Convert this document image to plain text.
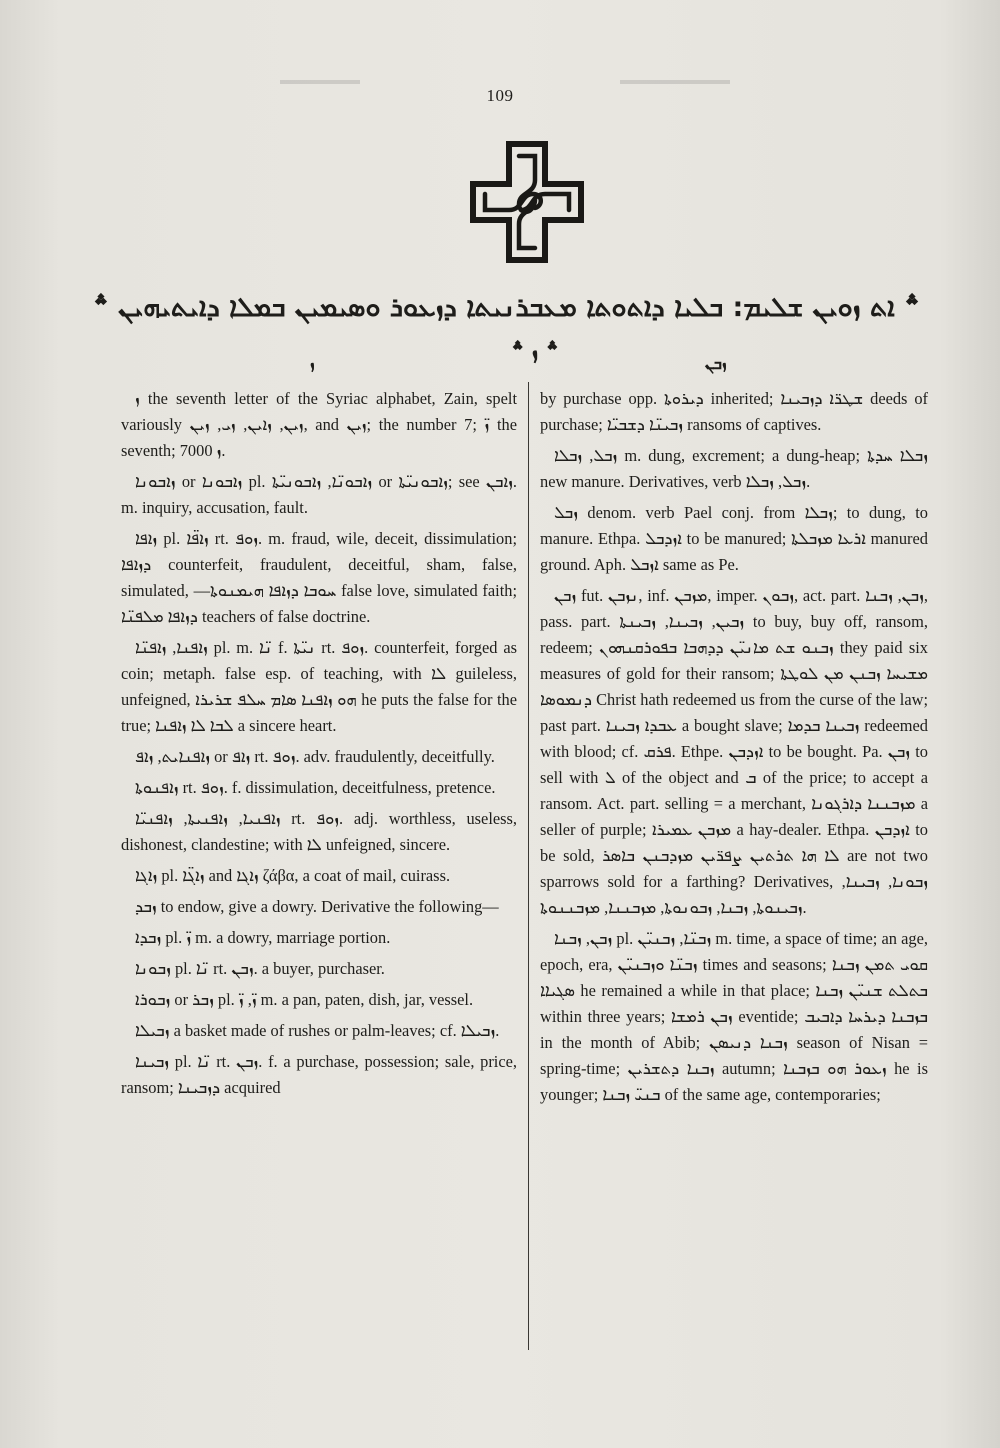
109
؞ ܐܬ ܙܘܝܢ ܫܠܝܡ: ܒܠܝܐ ܕܐܬܘܬܐ ܡܥܒܪܢܝܬܐ ܕܙܥܘܪ ܘܣܝܡܝܢ ܒܡܠܐ ܕܐܝܬܝܗܝܢ ؞
؞ ܙ ؞
ܙ	ܙܒܢ

ܙ the seventh letter of the Syriac alphabet, Zain, spelt variously ܙܝܢ, ܙܐܝܢ, ܙܝ, ܙܝܢ, and ܙܝܢ; the number 7; ܙ̈ the seventh; ܙ 7000.

ܙܐܒܘܢܐ or ܙܐܒܘܢܐ pl. ܙܐܒܘܢ̈ܐ, ܙܐܒܘܢܝ̈ܬܐ or ܙܐܒܘܢܝ̈ܬܐ; see ܙܐܒܢ. m. inquiry, accusation, fault.

ܙܐܦܐ pl. ܙܐܦ̈ܐ rt. ܙܘܦ. m. fraud, wile, deceit, dissimulation; ܕܙܐܦܐ counterfeit, fraudulent, deceitful, sham, false, simulated, —ܚܘܒܐ ܕܙܐܦܐ ܗܝܡܢܘܬܐ false love, simulated faith; ܕܙܐܦܐ ܡܠܦܢ̈ܐ teachers of false doctrine.

ܙܐܦܢܐ, ܙܐܦܢ̈ܐ pl. m. ܢ̈ܐ f. ܢܝ̈ܬܐ rt. ܙܘܦ. counterfeit, forged as coin; metaph. false esp. of teaching, with ܠܐ guileless, unfeigned, ܗܘ ܙܐܦܢܐ ܣܐܡ ܚܠܦ ܫܪܝܪܐ he puts the false for the true; ܠܒܐ ܠܐ ܙܐܦܢܐ a sincere heart.

ܙܐܦܢܐܝܬ, ܙܐܦ or ܙܐܦ rt. ܙܘܦ. adv. fraudulently, deceitfully.

ܙܐܦܢܘܬܐ rt. ܙܘܦ. f. dissimulation, deceitfulness, pretence.

ܙܐܦܢܝܐ, ܙܐܦܢܝܬܐ, ܙܐܦܢܝ̈ܐ rt. ܙܘܦ. adj. worthless, useless, dishonest, clandestine; with ܠܐ unfeigned, sincere.

ܙܐܓܐ pl. ܙܐܓ̈ܐ and ܙܐܓܐ ζάβα, a coat of mail, cuirass.

ܙܒܕ to endow, give a dowry. Derivative the following—

ܙܒܕܐ pl. ܙ̈ m. a dowry, marriage portion.

ܙܒܘܢܐ pl. ܢ̈ܐ rt. ܙܒܢ. a buyer, purchaser.

ܙܒܘܪܐ or ܙܒܪ pl. ܙ̈, ܙ̈ m. a pan, paten, dish, jar, vessel.

ܙܒܝܠܐ a basket made of rushes or palm-leaves; cf. ܙܒܝܠܐ.

ܙܒܝܢܐ pl. ܢ̈ܐ rt. ܙܒܢ. f. a purchase, possession; sale, price, ransom; ܕܙܒܝܢܐ acquired

by purchase opp. ܕܝܪܘܬܐ inherited; ܫܛܪ̈ܐ ܕܙܒܝܢܐ deeds of purchase; ܙܒܝܢ̈ܐ ܕܫܒܝ̈ܐ ransoms of captives.

ܙܒܠ, ܙܒܠܐ m. dung, excrement; a dung-heap; ܙܒܠܐ ܚܕܬܐ new manure. Derivatives, verb ܙܒܠ, ܙܒܠܐ.

ܙܒܠ denom. verb Pael conj. from ܙܒܠܐ; to dung, to manure. Ethpa. ܐܙܕܒܠ to be manured; ܐܪܥܐ ܡܙܒܠܬܐ manured ground. Aph. ܐܙܒܠ same as Pe.

ܙܒܢ fut. ܢܙܒܢ, inf. ܡܙܒܢ, imper. ܙܒܘܢ, act. part. ܙܒܢ, ܙܒܢܐ, pass. part. ܙܒܝܢ, ܙܒܝܢܐ, ܙܒܝܢܬܐ to buy, buy off, ransom, redeem; ܙܒܢܘ ܫܬ ܡܐܢܝ̈ܢ ܕܕܗܒܐ ܒܦܘܪܩܢܗܘܢ they paid six measures of gold for their ransom; ܡܫܝܚܐ ܙܒܢܢ ܡܢ ܠܘܛܬܐ ܕܢܡܘܣܐ Christ hath redeemed us from the curse of the law; past part. ܥܒܕܐ ܙܒܝܢܐ a bought slave; ܙܒܝܢܐ ܒܕܡܐ redeemed with blood; cf. ܦܪܩ. Ethpe. ܐܙܕܒܢ to be bought. Pa. ܙܒܢ to sell with ܠ of the object and ܒ of the price; to accept a ransom. Act. part. selling = a merchant, ܡܙܒܢܢܐ ܕܐܪܓܘܢܐ a seller of purple; ܡܙܒܢ ܥܡܝܪܐ a hay-dealer. Ethpa. ܐܙܕܒܢ to be sold, ܠܐ ܗܐ ܬܪܬܝܢ ܨܦܪ̈ܝܢ ܡܙܕܒܢܢ ܒܐܣܪ are not two sparrows sold for a farthing? Derivatives, ܙܒܘܢܐ, ܙܒܝܢܐ, ܙܒܝܢܘܬܐ, ܙܒܢܐ, ܙܒܘܢܘܬܐ, ܡܙܒܢܢܐ, ܡܙܒܢܢܘܬܐ.

ܙܒܢ, ܙܒܢܐ pl. ܙܒܢ̈ܐ, ܙܒܢܝ̈ܢ m. time, a space of time; an age, epoch, era, ܙܒܢ̈ܐ ܘܙܒܢܝ̈ܢ times and seasons; ܩܘܝ ܬܡܢ ܙܒܢܐ ܣܓܝܐܐ he remained a while in that place; ܒܬܠܬ ܫܢܝ̈ܢ ܙܒܢܐ within three years; ܙܒܢ ܪܡܫܐ eventide; ܒܙܒܢܐ ܕܝܪܚܐ ܕܐܒܝܒ in the month of Abib; ܙܒܢܐ ܕܢܝܣܢ season of Nisan = spring-time; ܙܒܢܐ ܕܬܫܪܝܢ autumn; ܙܥܘܪ ܗܘ ܒܙܒܢܐ he is younger; ܒܢܝ̈ ܙܒܢܐ of the same age, contemporaries;
